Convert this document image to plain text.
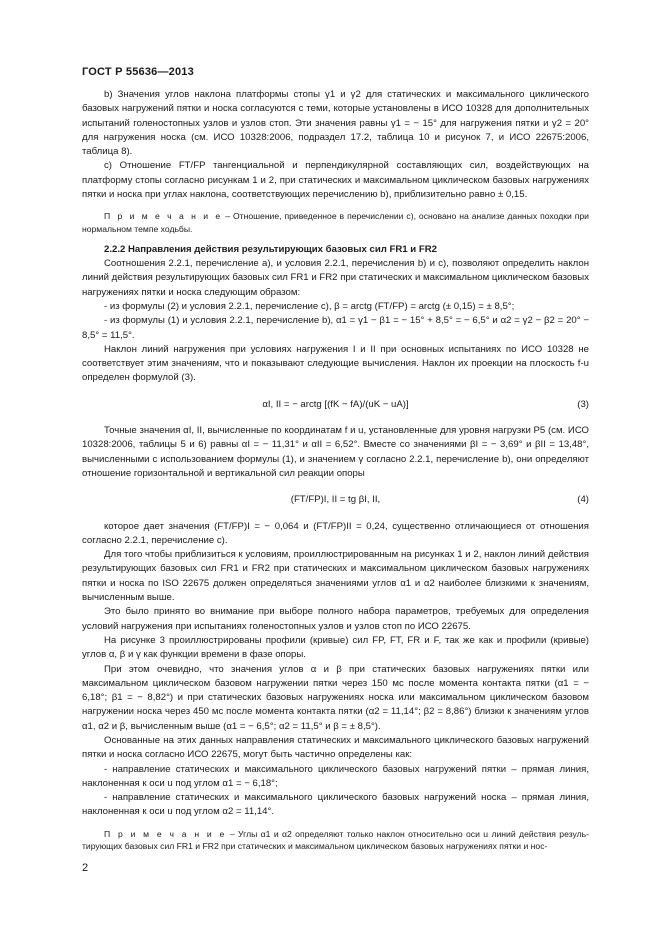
ГОСТ Р 55636—2013

b) Значения углов наклона платформы стопы γ1 и γ2 для статических и максимального циклического базовых нагружений пятки и носка согласуются с теми, которые установлены в ИСО 10328 для дополнительных испытаний голеностопных узлов и узлов стоп. Эти значения равны γ1 = − 15° для нагружения пятки и γ2 = 20° для нагружения носка (см. ИСО 10328:2006, подраздел 17.2, таблица 10 и рисунок 7, и ИСО 22675:2006, таблица 8).

c) Отношение FT/FP тангенциальной и перпендикулярной составляющих сил, воздействующих на платформу стопы согласно рисункам 1 и 2, при статических и максимальном циклическом базовых нагружениях пятки и носка при углах наклона, соответствующих перечислению b), приблизительно равно ± 0,15.

П р и м е ч а н и е – Отношение, приведенное в перечислении c), основано на анализе данных походки при нормальном темпе ходьбы.

2.2.2 Направления действия результирующих базовых сил FR1 и FR2

Соотношения 2.2.1, перечисление a), и условия 2.2.1, перечисления b) и c), позволяют определить наклон линий действия результирующих базовых сил FR1 и FR2 при статических и максимальном циклическом базовых нагружениях пятки и носка следующим образом:

- из формулы (2) и условия 2.2.1, перечисление c), β = arctg (FT/FP) = arctg (± 0,15) = ± 8,5°;

- из формулы (1) и условия 2.2.1, перечисление b), α1 = γ1 − β1 = − 15° + 8,5° = − 6,5° и α2 = γ2 − β2 = 20° − 8,5° = 11,5°.

Наклон линий нагружения при условиях нагружения I и II при основных испытаниях по ИСО 10328 не соответствует этим значениям, что и показывают следующие вычисления. Наклон их проекции на плоскость f-u определен формулой (3).

αI, II = − arctg [(fK − fA)/(uK − uA)]	(3)

Точные значения αI, II, вычисленные по координатам f и u, установленные для уровня нагрузки P5 (см. ИСО 10328:2006, таблицы 5 и 6) равны αI = − 11,31° и αII = 6,52°. Вместе со значениями βI = − 3,69° и βII = 13,48°, вычисленными с использованием формулы (1), и значением γ согласно 2.2.1, перечисление b), они определяют отношение горизонтальной и вертикальной сил реакции опоры

(FT/FP)I, II = tg βI, II,	(4)

которое дает значения (FT/FP)I = − 0,064 и (FT/FP)II = 0,24, существенно отличающиеся от отношения согласно 2.2.1, перечисление c).

Для того чтобы приблизиться к условиям, проиллюстрированным на рисунках 1 и 2, наклон линий действия результирующих базовых сил FR1 и FR2 при статических и максимальном циклическом базовых нагружениях пятки и носка по ISO 22675 должен определяться значениями углов α1 и α2 наиболее близкими к значениям, вычисленным выше.

Это было принято во внимание при выборе полного набора параметров, требуемых для определения условий нагружения при испытаниях голеностопных узлов и узлов стоп по ИСО 22675.

На рисунке 3 проиллюстрированы профили (кривые) сил FP, FT, FR и F, так же как и профили (кривые) углов α, β и γ как функции времени в фазе опоры.

При этом очевидно, что значения углов α и β при статических базовых нагружениях пятки или максимальном циклическом базовом нагружении пятки через 150 мс после момента контакта пятки (α1 = − 6,18°; β1 = − 8,82°) и при статических базовых нагружениях носка или максимальном циклическом базовом нагружении носка через 450 мс после момента контакта пятки (α2 = 11,14°; β2 = 8,86°) близки к значениям углов α1, α2 и β, вычисленным выше (α1 = − 6,5°; α2 = 11,5° и β = ± 8,5°).

Основанные на этих данных направления статических и максимального циклического базовых нагружений пятки и носка согласно ИСО 22675, могут быть частично определены как:

- направление статических и максимального циклического базовых нагружений пятки – прямая линия, наклоненная к оси u под углом α1 = − 6,18°;

- направление статических и максимального циклического базовых нагружений носка – прямая линия, наклоненная к оси u под углом α2 = 11,14°.

П р и м е ч а н и е – Углы α1 и α2 определяют только наклон относительно оси u линий действия результирующих базовых сил FR1 и FR2 при статических и максимальном циклическом базовых нагружениях пятки и нос-

2
